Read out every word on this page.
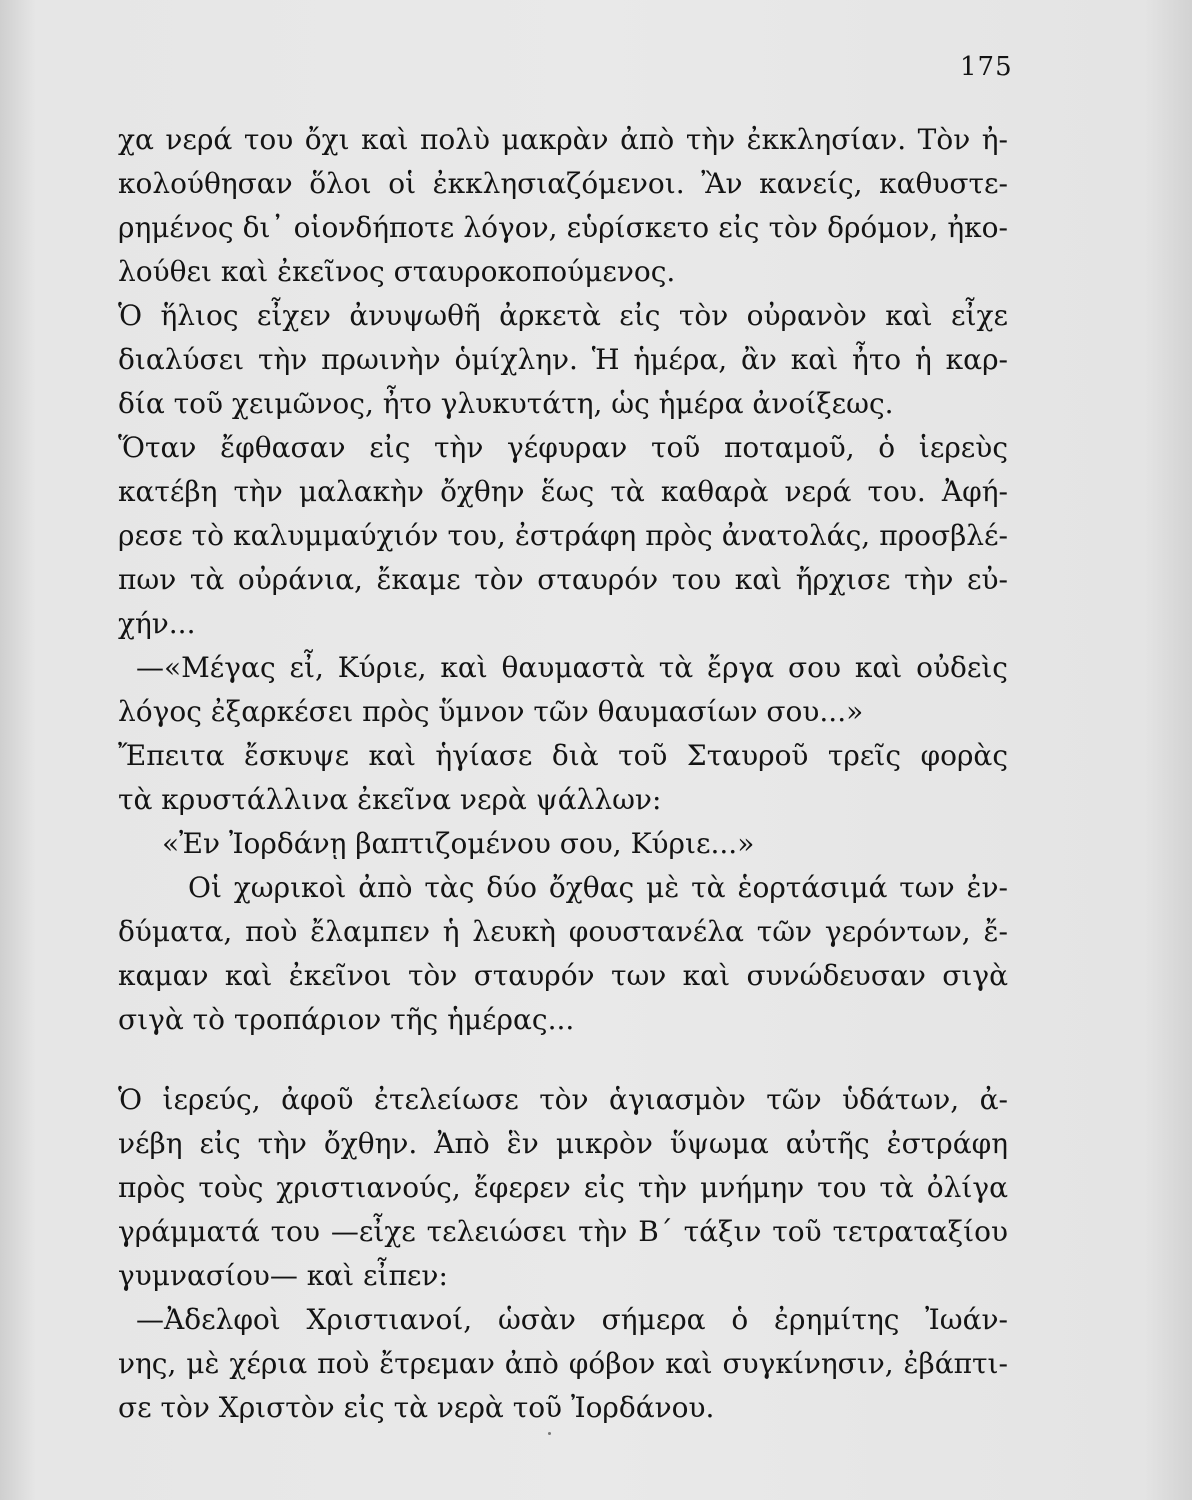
175
χα νερά του ὄχι καὶ πολὺ μακρὰν ἀπὸ τὴν ἐκκλησίαν. Τὸν ἠ-
κολούθησαν ὅλοι οἱ ἐκκλησιαζόμενοι. Ἂν κανείς, καθυστε-
ρημένος δι᾽ οἱονδήποτε λόγον, εὑρίσκετο εἰς τὸν δρόμον, ἠκο-
λούθει καὶ ἐκεῖνος σταυροκοπούμενος.
Ὁ ἥλιος εἶχεν ἀνυψωθῆ ἀρκετὰ εἰς τὸν οὐρανὸν καὶ εἶχε
διαλύσει τὴν πρωινὴν ὁμίχλην. Ἡ ἡμέρα, ἂν καὶ ἦτο ἡ καρ-
δία τοῦ χειμῶνος, ἦτο γλυκυτάτη, ὡς ἡμέρα ἀνοίξεως.
Ὅταν ἔφθασαν εἰς τὴν γέφυραν τοῦ ποταμοῦ, ὁ ἱερεὺς
κατέβη τὴν μαλακὴν ὄχθην ἕως τὰ καθαρὰ νερά του. Ἀφή-
ρεσε τὸ καλυμμαύχιόν του, ἐστράφη πρὸς ἀνατολάς, προσβλέ-
πων τὰ οὐράνια, ἔκαμε τὸν σταυρόν του καὶ ἤρχισε τὴν εὐ-
χήν...
—«Μέγας εἶ, Κύριε, καὶ θαυμαστὰ τὰ ἔργα σου καὶ οὐδεὶς
λόγος ἐξαρκέσει πρὸς ὕμνον τῶν θαυμασίων σου...»
Ἔπειτα ἔσκυψε καὶ ἡγίασε διὰ τοῦ Σταυροῦ τρεῖς φορὰς
τὰ κρυστάλλινα ἐκεῖνα νερὰ ψάλλων:
«Ἐν Ἰορδάνῃ βαπτιζομένου σου, Κύριε...»
Οἱ χωρικοὶ ἀπὸ τὰς δύο ὄχθας μὲ τὰ ἑορτάσιμά των ἐν-
δύματα, ποὺ ἔλαμπεν ἡ λευκὴ φουστανέλα τῶν γερόντων, ἔ-
καμαν καὶ ἐκεῖνοι τὸν σταυρόν των καὶ συνώδευσαν σιγὰ
σιγὰ τὸ τροπάριον τῆς ἡμέρας...
Ὁ ἱερεύς, ἀφοῦ ἐτελείωσε τὸν ἁγιασμὸν τῶν ὑδάτων, ἀ-
νέβη εἰς τὴν ὄχθην. Ἀπὸ ἓν μικρὸν ὕψωμα αὐτῆς ἐστράφη
πρὸς τοὺς χριστιανούς, ἔφερεν εἰς τὴν μνήμην του τὰ ὀλίγα
γράμματά του —εἶχε τελειώσει τὴν Β΄ τάξιν τοῦ τετραταξίου
γυμνασίου— καὶ εἶπεν:
—Ἀδελφοὶ Χριστιανοί, ὡσὰν σήμερα ὁ ἐρημίτης Ἰωάν-
νης, μὲ χέρια ποὺ ἔτρεμαν ἀπὸ φόβον καὶ συγκίνησιν, ἐβάπτι-
σε τὸν Χριστὸν εἰς τὰ νερὰ τοῦ Ἰορδάνου.
